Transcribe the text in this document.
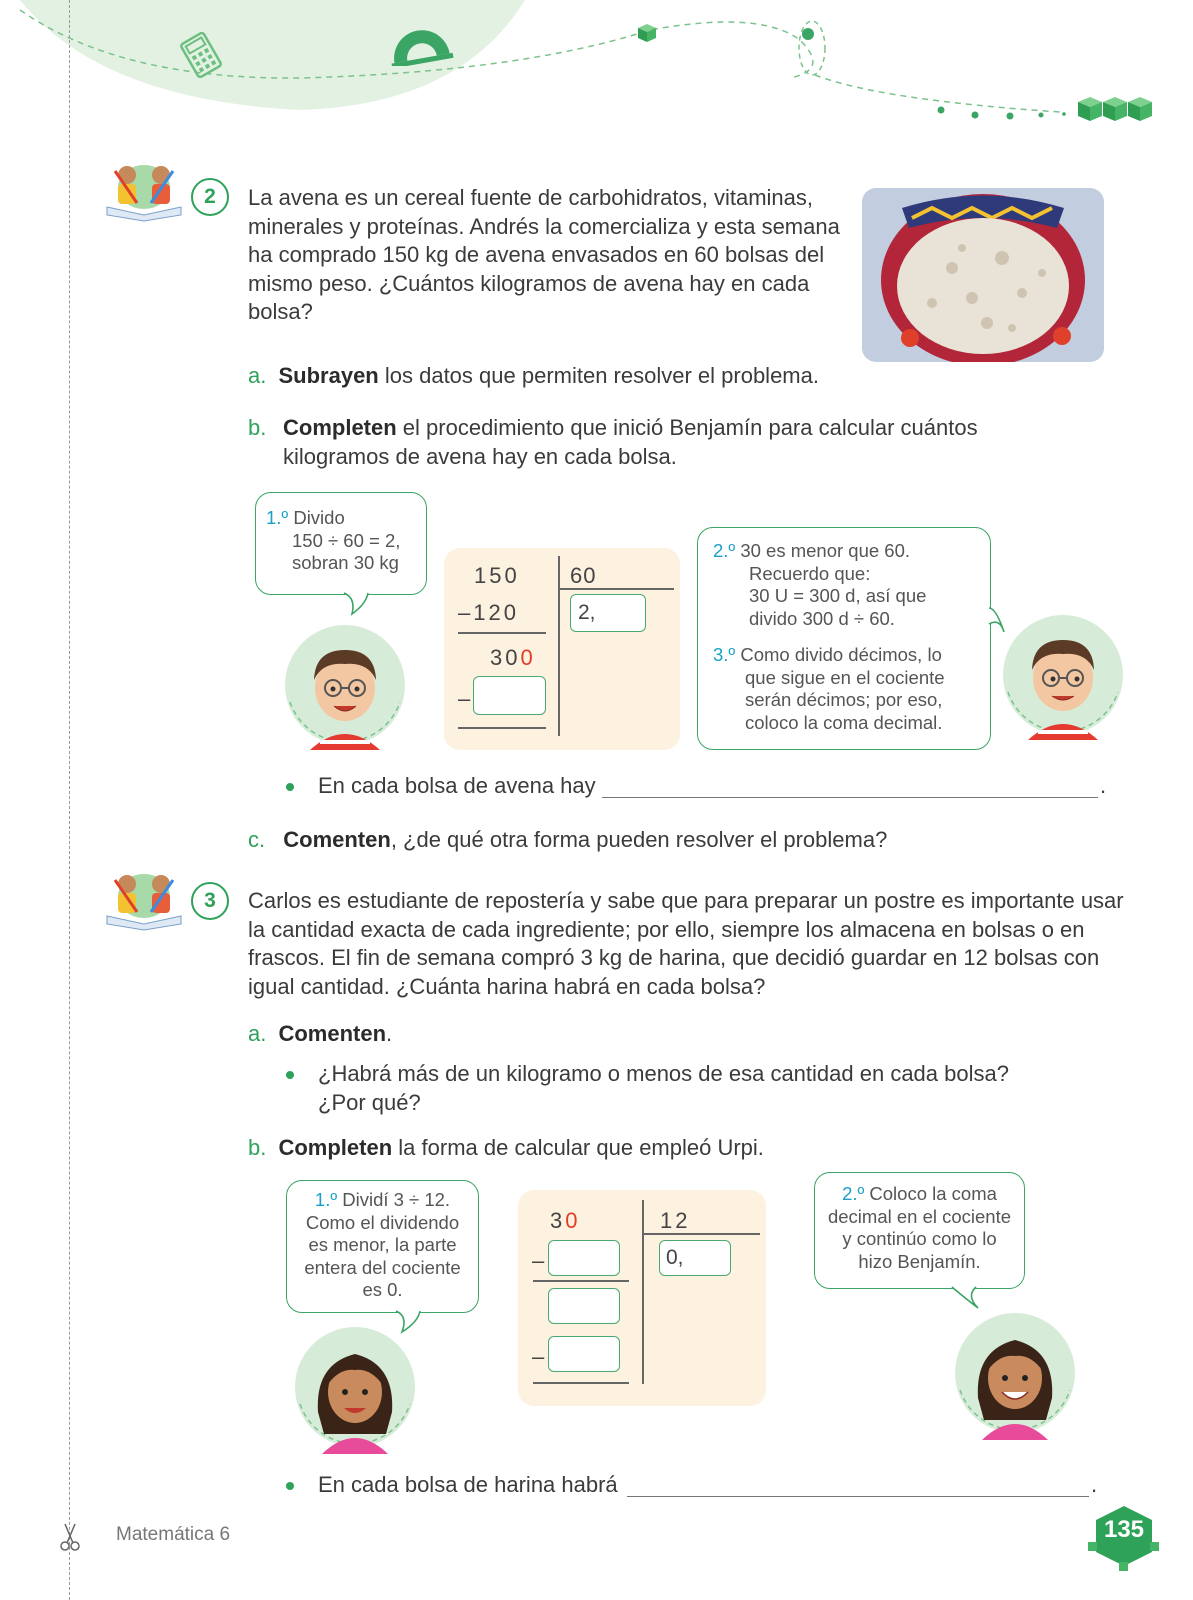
2	La avena es un cereal fuente de carbohidratos, vitaminas, minerales y proteínas. Andrés la comercializa y esta semana ha comprado 150 kg de avena envasados en 60 bolsas del mismo peso. ¿Cuántos kilogramos de avena hay en cada bolsa?
a. Subrayen los datos que permiten resolver el problema.
b. Completen el procedimiento que inició Benjamín para calcular cuántos kilogramos de avena hay en cada bolsa.
1.º Divido
150 ÷ 60 = 2,
sobran 30 kg
150 60
–120	2,
300
–
2.º 30 es menor que 60.
Recuerdo que:
30 U = 300 d, así que
divido 300 d ÷ 60.
3.º Como divido décimos, lo
que sigue en el cociente
serán décimos; por eso,
coloco la coma decimal.
En cada bolsa de avena hay	.
c. Comenten, ¿de qué otra forma pueden resolver el problema?
3	Carlos es estudiante de repostería y sabe que para preparar un postre es importante usar la cantidad exacta de cada ingrediente; por ello, siempre los almacena en bolsas o en frascos. El fin de semana compró 3 kg de harina, que decidió guardar en 12 bolsas con igual cantidad. ¿Cuánta harina habrá en cada bolsa?
a. Comenten.
¿Habrá más de un kilogramo o menos de esa cantidad en cada bolsa?
¿Por qué?
b. Completen la forma de calcular que empleó Urpi.
1.º Dividí 3 ÷ 12.
Como el dividendo
es menor, la parte
entera del cociente
es 0.
30	12
0,
–
–
2.º Coloco la coma
decimal en el cociente
y continúo como lo
hizo Benjamín.
En cada bolsa de harina habrá	.
Matemática 6	135
